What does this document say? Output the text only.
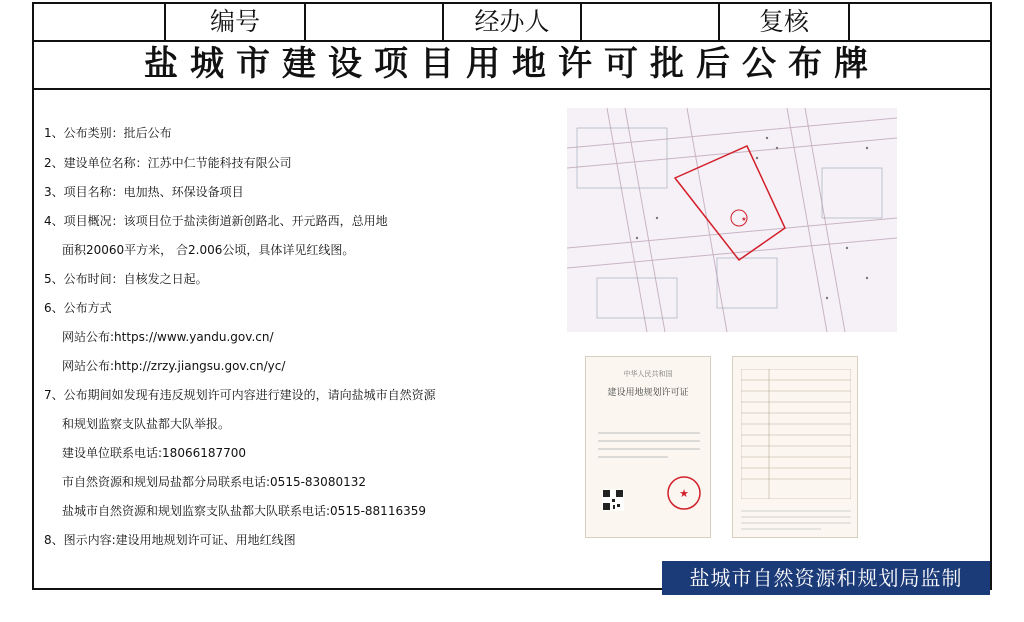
编号	经办人	复核
盐城市建设项目用地许可批后公布牌
1、公布类别：批后公布
2、建设单位名称：江苏中仁节能科技有限公司
3、项目名称：电加热、环保设备项目
4、项目概况：该项目位于盐渎街道新创路北、开元路西，总用地
面积20060平方米， 合2.006公顷，具体详见红线图。
5、公布时间：自核发之日起。
6、公布方式
网站公布:https://www.yandu.gov.cn/
网站公布:http://zrzy.jiangsu.gov.cn/yc/
7、公布期间如发现有违反规划许可内容进行建设的，请向盐城市自然资源
和规划监察支队盐都大队举报。
建设单位联系电话:18066187700
市自然资源和规划局盐都分局联系电话:0515-83080132
盐城市自然资源和规划监察支队盐都大队联系电话:0515-88116359
8、图示内容:建设用地规划许可证、用地红线图
★
中华人民共和国
建设用地规划许可证
★
盐城市自然资源和规划局监制
